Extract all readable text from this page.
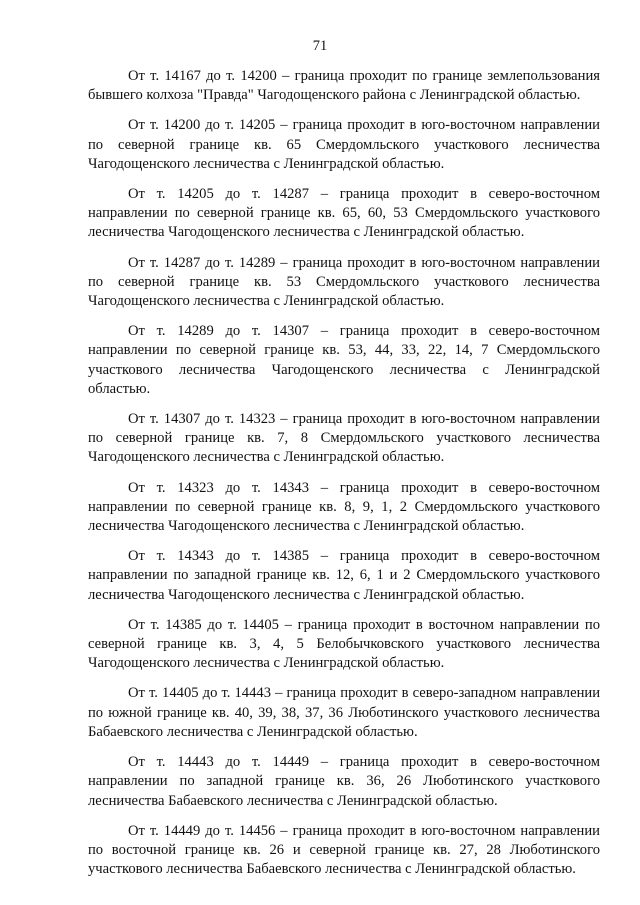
71

От т. 14167 до т. 14200 – граница проходит по границе землепользования бывшего колхоза "Правда" Чагодощенского района с Ленинградской областью.

От т. 14200 до т. 14205 – граница проходит в юго-восточном направлении по северной границе кв. 65 Смердомльского участкового лесничества Чагодощенского лесничества с Ленинградской областью.

От т. 14205 до т. 14287 – граница проходит в северо-восточном направлении по северной границе кв. 65, 60, 53 Смердомльского участкового лесничества Чагодощенского лесничества с Ленинградской областью.

От т. 14287 до т. 14289 – граница проходит в юго-восточном направлении по северной границе кв. 53 Смердомльского участкового лесничества Чагодощенского лесничества с Ленинградской областью.

От т. 14289 до т. 14307 – граница проходит в северо-восточном направлении по северной границе кв. 53, 44, 33, 22, 14, 7 Смердомльского участкового лесничества Чагодощенского лесничества с Ленинградской областью.

От т. 14307 до т. 14323 – граница проходит в юго-восточном направлении по северной границе кв. 7, 8 Смердомльского участкового лесничества Чагодощенского лесничества с Ленинградской областью.

От т. 14323 до т. 14343 – граница проходит в северо-восточном направлении по северной границе кв. 8, 9, 1, 2 Смердомльского участкового лесничества Чагодощенского лесничества с Ленинградской областью.

От т. 14343 до т. 14385 – граница проходит в северо-восточном направлении по западной границе кв. 12, 6, 1 и 2 Смердомльского участкового лесничества Чагодощенского лесничества с Ленинградской областью.

От т. 14385 до т. 14405 – граница проходит в восточном направлении по северной границе кв. 3, 4, 5 Белобычковского участкового лесничества Чагодощенского лесничества с Ленинградской областью.

От т. 14405 до т. 14443 – граница проходит в северо-западном направлении по южной границе кв. 40, 39, 38, 37, 36 Люботинского участкового лесничества Бабаевского лесничества с Ленинградской областью.

От т. 14443 до т. 14449 – граница проходит в северо-восточном направлении по западной границе кв. 36, 26 Люботинского участкового лесничества Бабаевского лесничества с Ленинградской областью.

От т. 14449 до т. 14456 – граница проходит в юго-восточном направлении по восточной границе кв. 26 и северной границе кв. 27, 28 Люботинского участкового лесничества Бабаевского лесничества с Ленинградской областью.
